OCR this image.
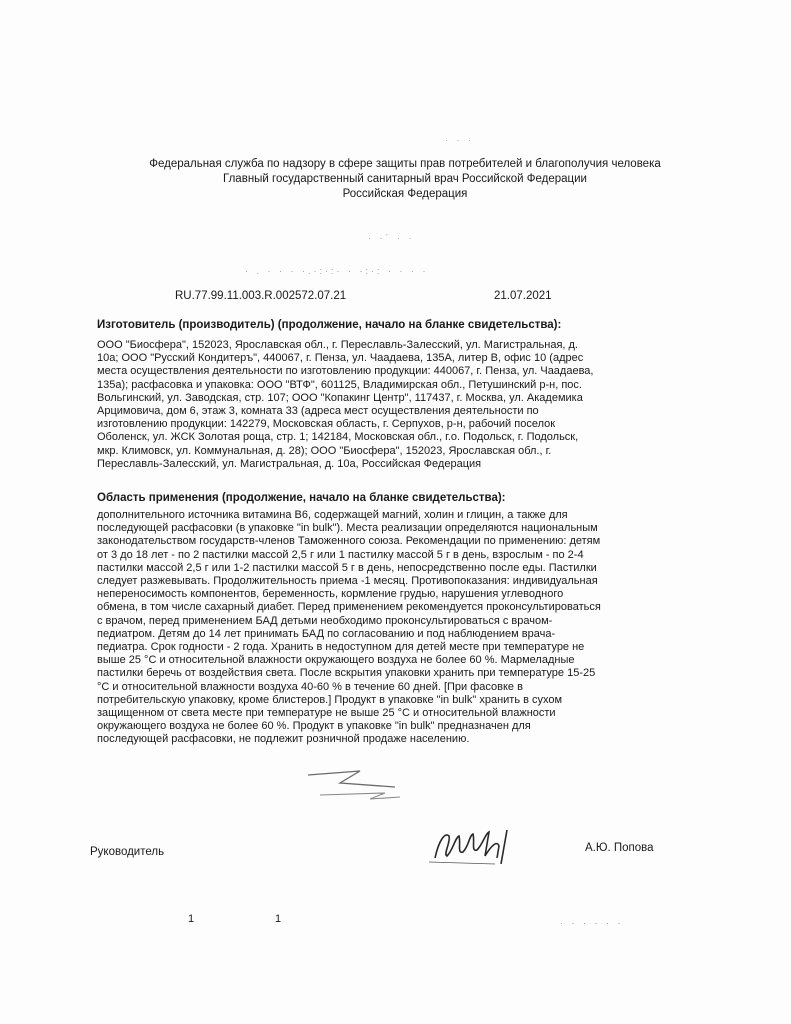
· · ·
· ·´ · ·
· . · · · ·.·:·:· · ·:·: · · · ·
Федеральная служба по надзору в сфере защиты прав потребителей и благополучия человека
Главный государственный санитарный врач Российской Федерации
Российская Федерация
RU.77.99.11.003.R.002572.07.21	21.07.2021
Изготовитель (производитель) (продолжение, начало на бланке свидетельства):
ООО "Биосфера", 152023, Ярославская обл., г. Переславль-Залесский, ул. Магистральная, д.
10а; ООО "Русский Кондитеръ", 440067, г. Пенза, ул. Чаадаева, 135А, литер В, офис 10 (адрес
места осуществления деятельности по изготовлению продукции: 440067, г. Пенза, ул. Чаадаева,
135а); расфасовка и упаковка: ООО "ВТФ", 601125, Владимирская обл., Петушинский р-н, пос.
Вольгинский, ул. Заводская, стр. 107; ООО "Копакинг Центр", 117437, г. Москва, ул. Академика
Арцимовича, дом 6, этаж 3, комната 33 (адреса мест осуществления деятельности по
изготовлению продукции: 142279, Московская область, г. Серпухов, р-н, рабочий поселок
Оболенск, ул. ЖСК Золотая роща, стр. 1; 142184, Московская обл., г.о. Подольск, г. Подольск,
мкр. Климовск, ул. Коммунальная, д. 28); ООО "Биосфера", 152023, Ярославская обл., г.
Переславль-Залесский, ул. Магистральная, д. 10а, Российская Федерация
Область применения (продолжение, начало на бланке свидетельства):
дополнительного источника витамина В6, содержащей магний, холин и глицин, а также для
последующей расфасовки (в упаковке "in bulk"). Места реализации определяются национальным
законодательством государств-членов Таможенного союза. Рекомендации по применению: детям
от 3 до 18 лет - по 2 пастилки массой 2,5 г или 1 пастилку массой 5 г в день, взрослым - по 2-4
пастилки массой 2,5 г или 1-2 пастилки массой 5 г в день, непосредственно после еды. Пастилки
следует разжевывать. Продолжительность приема -1 месяц. Противопоказания: индивидуальная
непереносимость компонентов, беременность, кормление грудью, нарушения углеводного
обмена, в том числе сахарный диабет. Перед применением рекомендуется проконсультироваться
с врачом, перед применением БАД детьми необходимо проконсультироваться с врачом-
педиатром. Детям до 14 лет принимать БАД по согласованию и под наблюдением врача-
педиатра. Срок годности - 2 года. Хранить в недоступном для детей месте при температуре не
выше 25 °С и относительной влажности окружающего воздуха не более 60 %. Мармеладные
пастилки беречь от воздействия света. После вскрытия упаковки хранить при температуре 15-25
°С и относительной влажности воздуха 40-60 % в течение 60 дней. [При фасовке в
потребительскую упаковку, кроме блистеров.] Продукт в упаковке "in bulk" хранить в сухом
защищенном от света месте при температуре не выше 25 °С и относительной влажности
окружающего воздуха не более 60 %. Продукт в упаковке "in bulk" предназначен для
последующей расфасовки, не подлежит розничной продаже населению.
Руководитель	А.Ю. Попова
1	1	· · · · · ·
